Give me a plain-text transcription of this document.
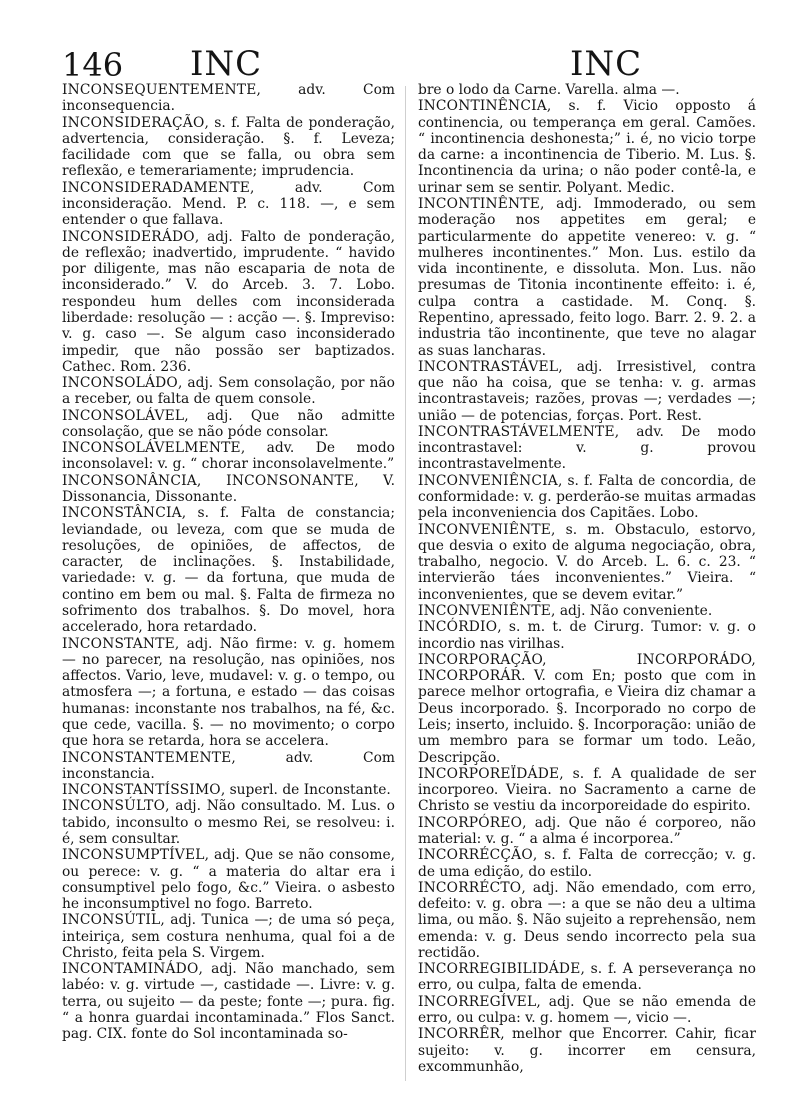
146 INC	INC

INCONSEQUENTEMENTE, adv. Com inconsequencia.

INCONSIDERAÇÃO, s. f. Falta de ponderação, advertencia, consideração. §. f. Leveza; facilidade com que se falla, ou obra sem reflexão, e temerariamente; imprudencia.

INCONSIDERADAMENTE, adv. Com inconsideração. Mend. P. c. 118. —, e sem entender o que fallava.

INCONSIDERÁDO, adj. Falto de ponderação, de reflexão; inadvertido, imprudente. “ havido por diligente, mas não escaparia de nota de inconsiderado.” V. do Arceb. 3. 7. Lobo. respondeu hum delles com inconsiderada liberdade: resolução — : acção —. §. Impreviso: v. g. caso —. Se algum caso inconsiderado impedir, que não possão ser baptizados. Cathec. Rom. 236.

INCONSOLÁDO, adj. Sem consolação, por não a receber, ou falta de quem console.

INCONSOLÁVEL, adj. Que não admitte consolação, que se não póde consolar.

INCONSOLÁVELMENTE, adv. De modo inconsolavel: v. g. “ chorar inconsolavelmente.”

INCONSONÂNCIA, INCONSONANTE, V. Dissonancia, Dissonante.

INCONSTÂNCIA, s. f. Falta de constancia; leviandade, ou leveza, com que se muda de resoluções, de opiniões, de affectos, de caracter, de inclinações. §. Instabilidade, variedade: v. g. — da fortuna, que muda de contino em bem ou mal. §. Falta de firmeza no sofrimento dos trabalhos. §. Do movel, hora accelerado, hora retardado.

INCONSTANTE, adj. Não firme: v. g. homem — no parecer, na resolução, nas opiniões, nos affectos. Vario, leve, mudavel: v. g. o tempo, ou atmosfera —; a fortuna, e estado — das coisas humanas: inconstante nos trabalhos, na fé, &c. que cede, vacilla. §. — no movimento; o corpo que hora se retarda, hora se accelera.

INCONSTANTEMENTE, adv. Com inconstancia.

INCONSTANTÍSSIMO, superl. de Inconstante.

INCONSÚLTO, adj. Não consultado. M. Lus. o tabido, inconsulto o mesmo Rei, se resolveu: i. é, sem consultar.

INCONSUMPTÍVEL, adj. Que se não consome, ou perece: v. g. “ a materia do altar era i consumptivel pelo fogo, &c.” Vieira. o asbesto he inconsumptivel no fogo. Barreto.

INCONSÚTIL, adj. Tunica —; de uma só peça, inteiriça, sem costura nenhuma, qual foi a de Christo, feita pela S. Virgem.

INCONTAMINÁDO, adj. Não manchado, sem labéo: v. g. virtude —, castidade —. Livre: v. g. terra, ou sujeito — da peste; fonte —; pura. fig. “ a honra guardai incontaminada.” Flos Sanct. pag. CIX. fonte do Sol incontaminada so-

bre o lodo da Carne. Varella. alma —.

INCONTINÊNCIA, s. f. Vicio opposto á continencia, ou temperança em geral. Camões. “ incontinencia deshonesta;” i. é, no vicio torpe da carne: a incontinencia de Tiberio. M. Lus. §. Incontinencia da urina; o não poder contê-la, e urinar sem se sentir. Polyant. Medic.

INCONTINÊNTE, adj. Immoderado, ou sem moderação nos appetites em geral; e particularmente do appetite venereo: v. g. “ mulheres incontinentes.” Mon. Lus. estilo da vida incontinente, e dissoluta. Mon. Lus. não presumas de Titonia incontinente effeito: i. é, culpa contra a castidade. M. Conq. §. Repentino, apressado, feito logo. Barr. 2. 9. 2. a industria tão incontinente, que teve no alagar as suas lancharas.

INCONTRASTÁVEL, adj. Irresistivel, contra que não ha coisa, que se tenha: v. g. armas incontrastaveis; razões, provas —; verdades —; união — de potencias, forças. Port. Rest.

INCONTRASTÁVELMENTE, adv. De modo incontrastavel: v. g. provou incontrastavelmente.

INCONVENIÊNCIA, s. f. Falta de concordia, de conformidade: v. g. perderão-se muitas armadas pela inconveniencia dos Capitães. Lobo.

INCONVENIÊNTE, s. m. Obstaculo, estorvo, que desvia o exito de alguma negociação, obra, trabalho, negocio. V. do Arceb. L. 6. c. 23. “ intervierão táes inconvenientes.” Vieira. “ inconvenientes, que se devem evitar.”

INCONVENIÊNTE, adj. Não conveniente.

INCÓRDIO, s. m. t. de Cirurg. Tumor: v. g. o incordio nas virilhas.

INCORPORAÇÃO, INCORPORÁDO, INCORPORÁR. V. com En; posto que com in parece melhor ortografia, e Vieira diz chamar a Deus incorporado. §. Incorporado no corpo de Leis; inserto, incluido. §. Incorporação: união de um membro para se formar um todo. Leão, Descripção.

INCORPOREÏDÁDE, s. f. A qualidade de ser incorporeo. Vieira. no Sacramento a carne de Christo se vestiu da incorporeidade do espirito.

INCORPÓREO, adj. Que não é corporeo, não material: v. g. “ a alma é incorporea.”

INCORRÉCÇÃO, s. f. Falta de correcção; v. g. de uma edição, do estilo.

INCORRÉCTO, adj. Não emendado, com erro, defeito: v. g. obra —: a que se não deu a ultima lima, ou mão. §. Não sujeito a reprehensão, nem emenda: v. g. Deus sendo incorrecto pela sua rectidão.

INCORREGIBILIDÁDE, s. f. A perseverança no erro, ou culpa, falta de emenda.

INCORREGÍVEL, adj. Que se não emenda de erro, ou culpa: v. g. homem —, vicio —.

INCORRÊR, melhor que Encorrer. Cahir, ficar sujeito: v. g. incorrer em censura, excommunhão,
